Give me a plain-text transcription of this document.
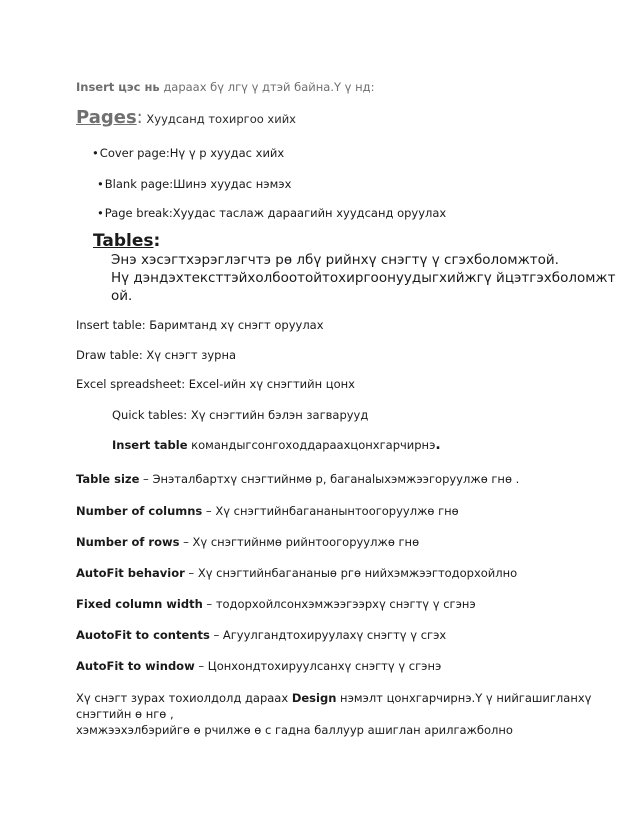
Insert цэс нь дараах бү лгү ү дтэй байна.Ү ү нд:
Pages: Хуудсанд тохиргоо хийх
• Cover page:Нү ү р хуудас хийх
• Blank page:Шинэ хуудас нэмэх
• Page break:Хуудас таслаж дараагийн хуудсанд оруулах
Tables:
Энэ хэсэгтхэрэглэгчтэ рө лбү рийнхү снэгтү ү сгэхболомжтой.
Нү дэндэхтексттэйхолбоотойтохиргоонуудыгхийжгү йцэтгэхболомжт
ой.
Insert table: Баримтанд хү снэгт оруулах
Draw table: Хү снэгт зурна
Excel spreadsheet: Excel-ийн хү снэгтийн цонх
Quick tables: Хү снэгтийн бэлэн загварууд
Insert table командыгсонгоходдараахцонхгарчирнэ.
Table size – Энэталбартхү снэгтийнмө р, баганаlыхэмжээгоруулжө гнө .
Number of columns – Хү снэгтийнбагананынтоогоруулжө гнө
Number of rows – Хү снэгтийнмө рийнтоогоруулжө гнө
AutoFit behavior – Хү снэгтийнбагананыө ргө нийхэмжээгтодорхойлно
Fixed column width – тодорхойлсонхэмжээгээрхү снэгтү ү сгэнэ
AuotoFit to contents – Агуулгандтохируулахү снэгтү ү сгэх
AutoFit to window – Цонхондтохируулсанхү снэгтү ү сгэнэ
Хү снэгт зурах тохиолдолд дараах Design нэмэлт цонхгарчирнэ.Ү ү нийгашигланхү
снэгтийн ө нгө ,
хэмжээхэлбэрийгө ө рчилжө ө с гадна баллуур ашиглан арилгажболно
